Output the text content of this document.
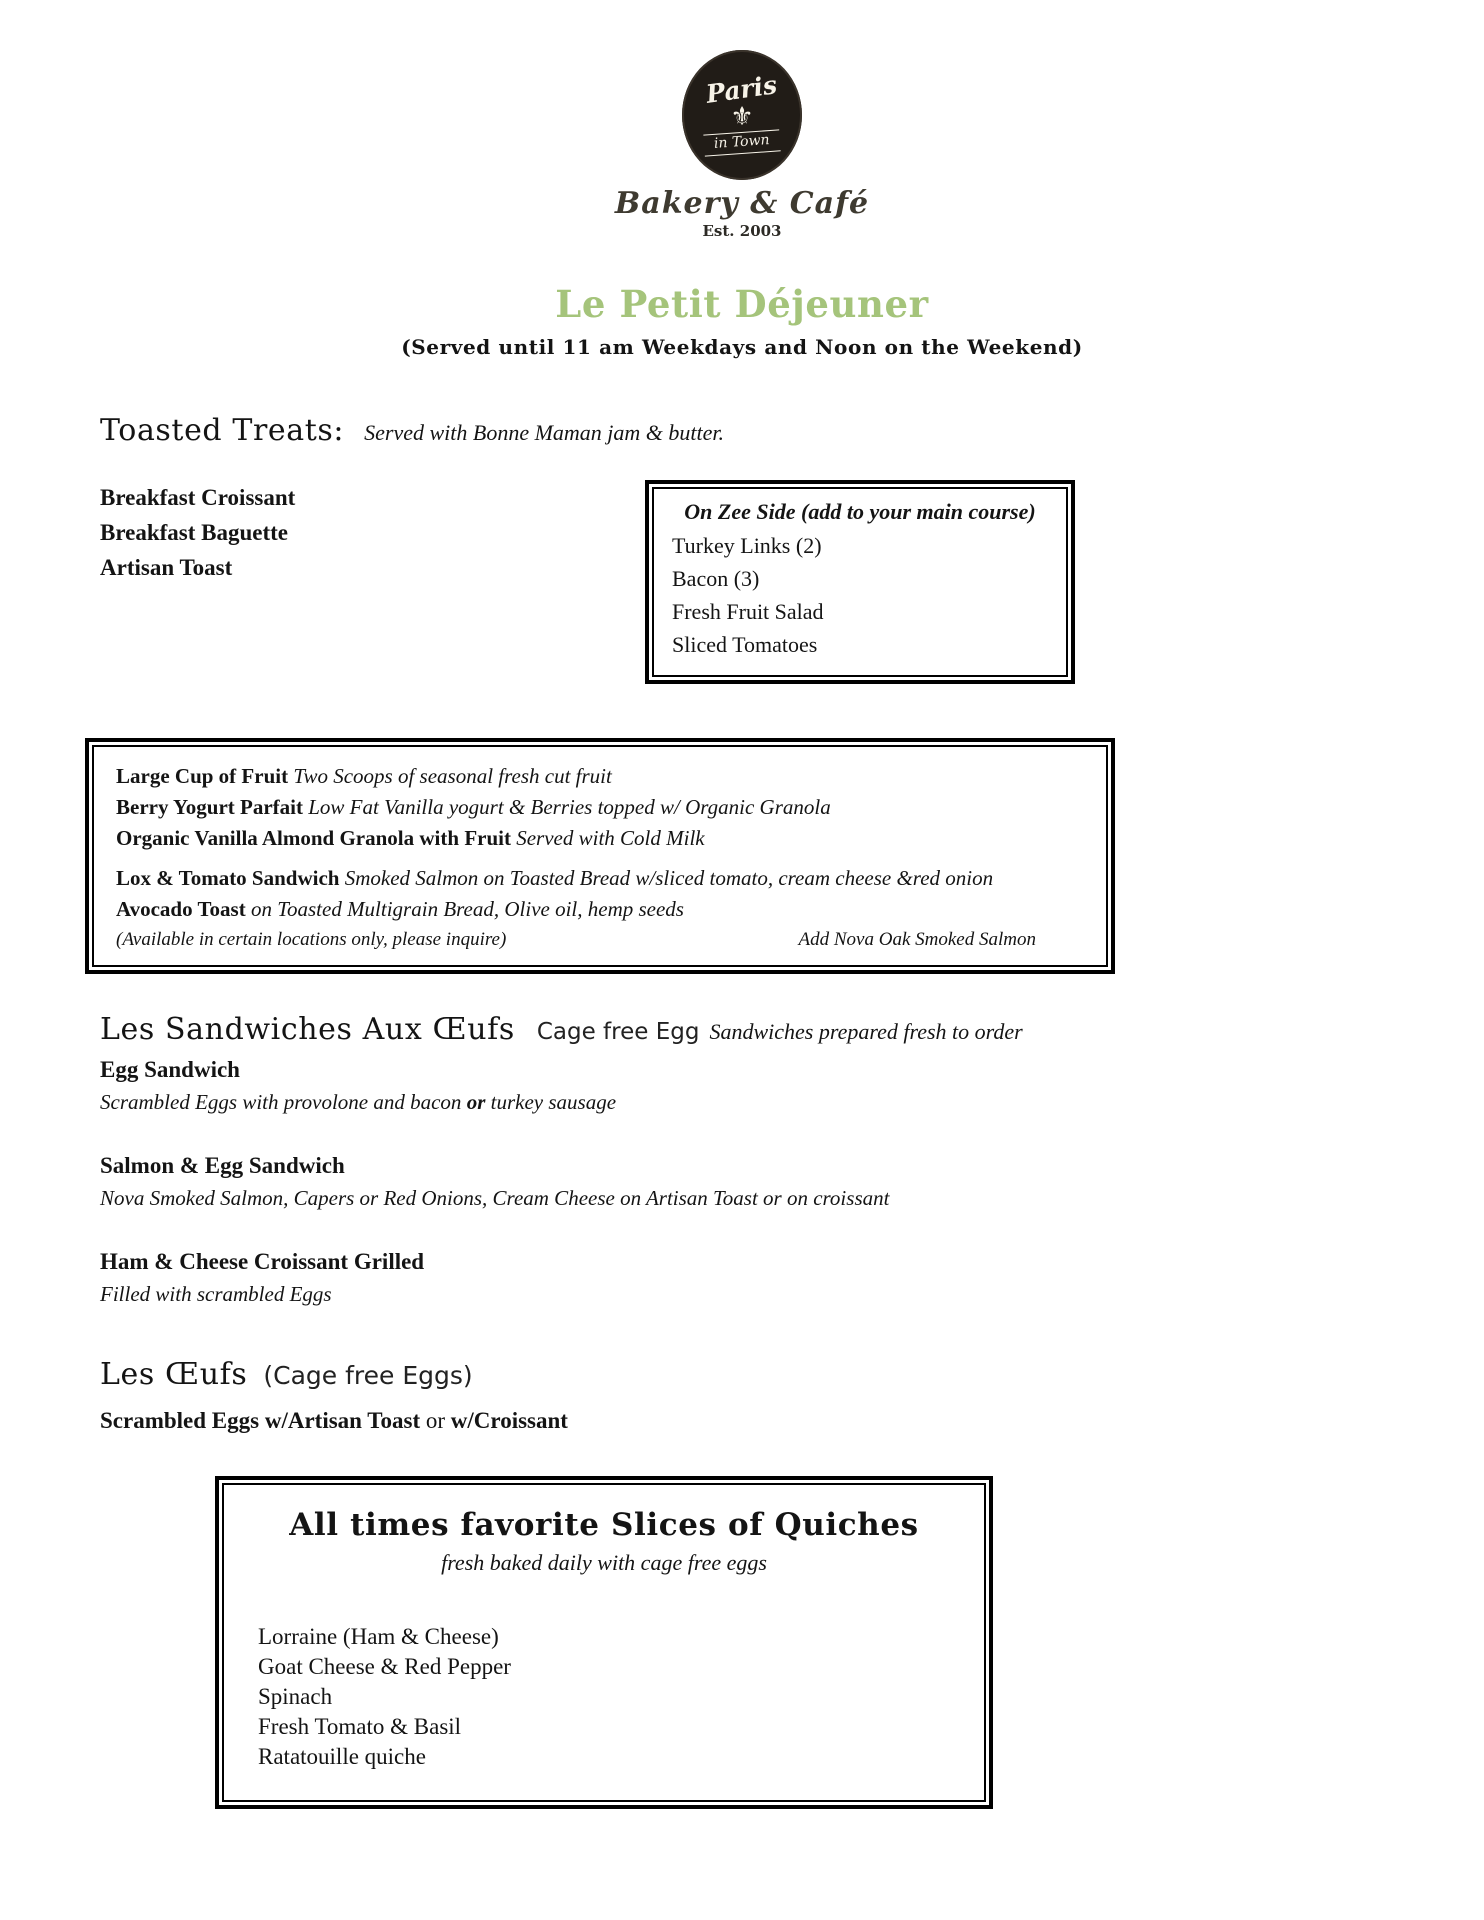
Paris
⚜
in Town
Bakery & Café
Est. 2003
Le Petit Déjeuner
(Served until 11 am Weekdays and Noon on the Weekend)
Toasted Treats: Served with Bonne Maman jam & butter.
Breakfast Croissant
Breakfast Baguette
Artisan Toast
On Zee Side (add to your main course)
Turkey Links (2)
Bacon (3)
Fresh Fruit Salad
Sliced Tomatoes
Large Cup of Fruit Two Scoops of seasonal fresh cut fruit
Berry Yogurt Parfait Low Fat Vanilla yogurt & Berries topped w/ Organic Granola
Organic Vanilla Almond Granola with Fruit Served with Cold Milk
Lox & Tomato Sandwich Smoked Salmon on Toasted Bread w/sliced tomato, cream cheese &red onion
Avocado Toast on Toasted Multigrain Bread, Olive oil, hemp seeds
(Available in certain locations only, please inquire)	Add Nova Oak Smoked Salmon
Les Sandwiches Aux Œufs Cage free Egg Sandwiches prepared fresh to order
Egg Sandwich
Scrambled Eggs with provolone and bacon or turkey sausage
Salmon & Egg Sandwich
Nova Smoked Salmon, Capers or Red Onions, Cream Cheese on Artisan Toast or on croissant
Ham & Cheese Croissant Grilled
Filled with scrambled Eggs
Les Œufs (Cage free Eggs)
Scrambled Eggs w/Artisan Toast or w/Croissant
All times favorite Slices of Quiches
fresh baked daily with cage free eggs
Lorraine (Ham & Cheese)
Goat Cheese & Red Pepper
Spinach
Fresh Tomato & Basil
Ratatouille quiche
